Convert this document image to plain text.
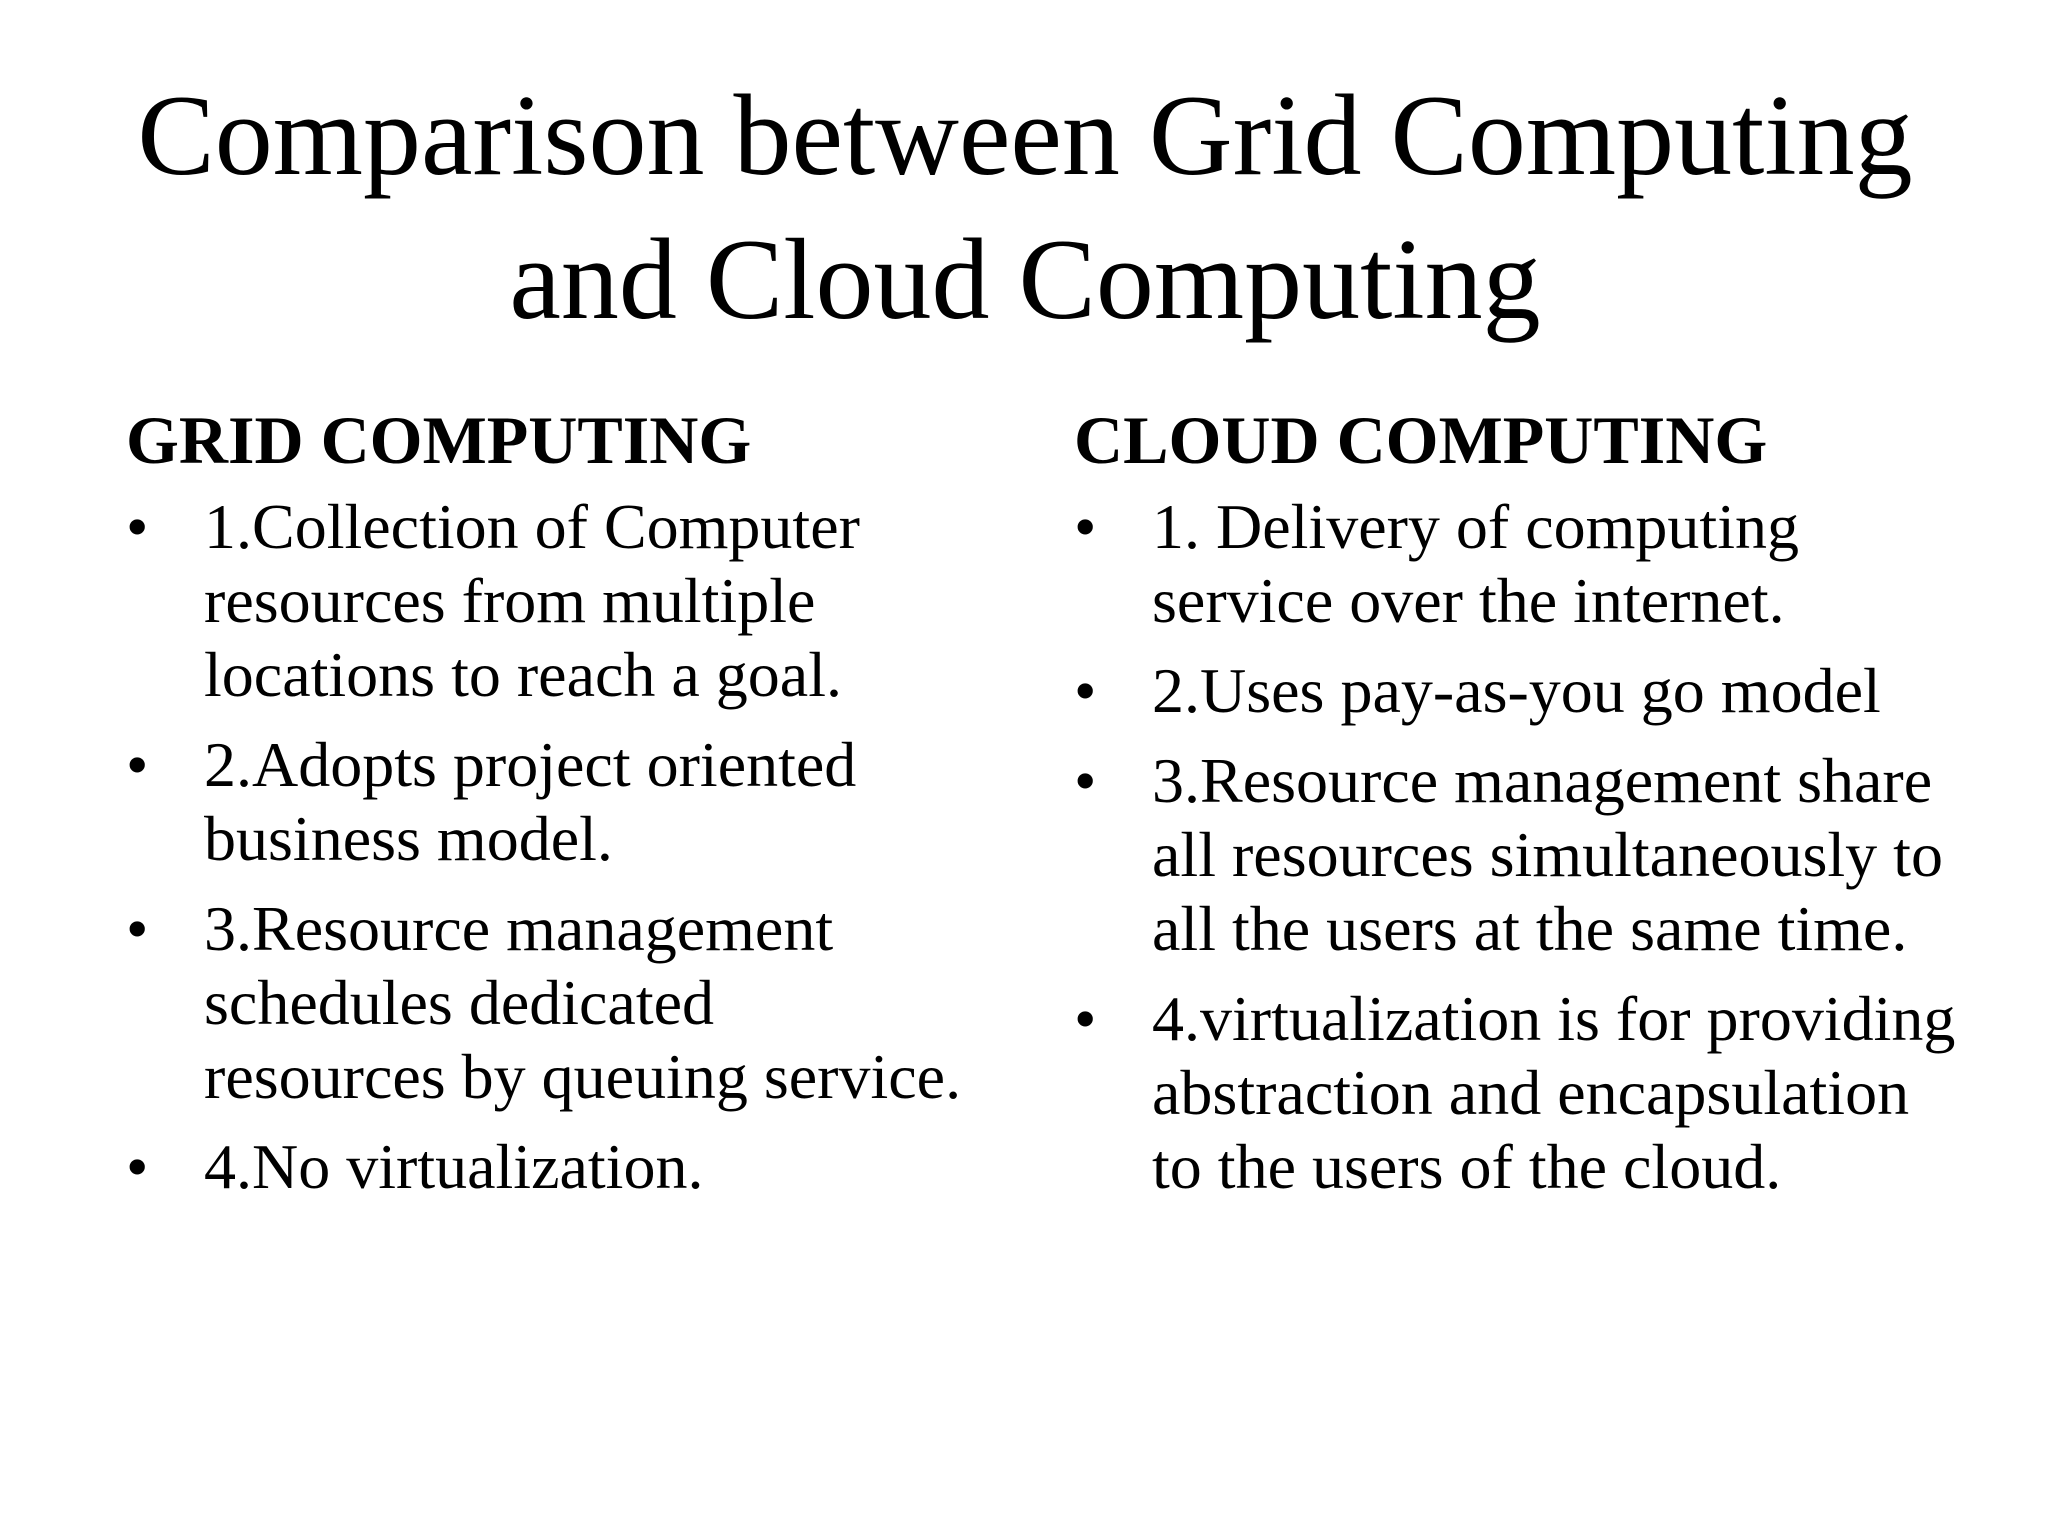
Comparison between Grid Computing
and Cloud Computing
GRID COMPUTING
• 1.Collection of Computer resources from multiple locations to reach a goal.
• 2.Adopts project oriented business model.
• 3.Resource management schedules dedicated resources by queuing service.
• 4.No virtualization.
CLOUD COMPUTING
• 1. Delivery of computing service over the internet.
• 2.Uses pay-as-you go model
• 3.Resource management share all resources simultaneously to all the users at the same time.
• 4.virtualization is for providing  abstraction and encapsulation to the users of the cloud.
